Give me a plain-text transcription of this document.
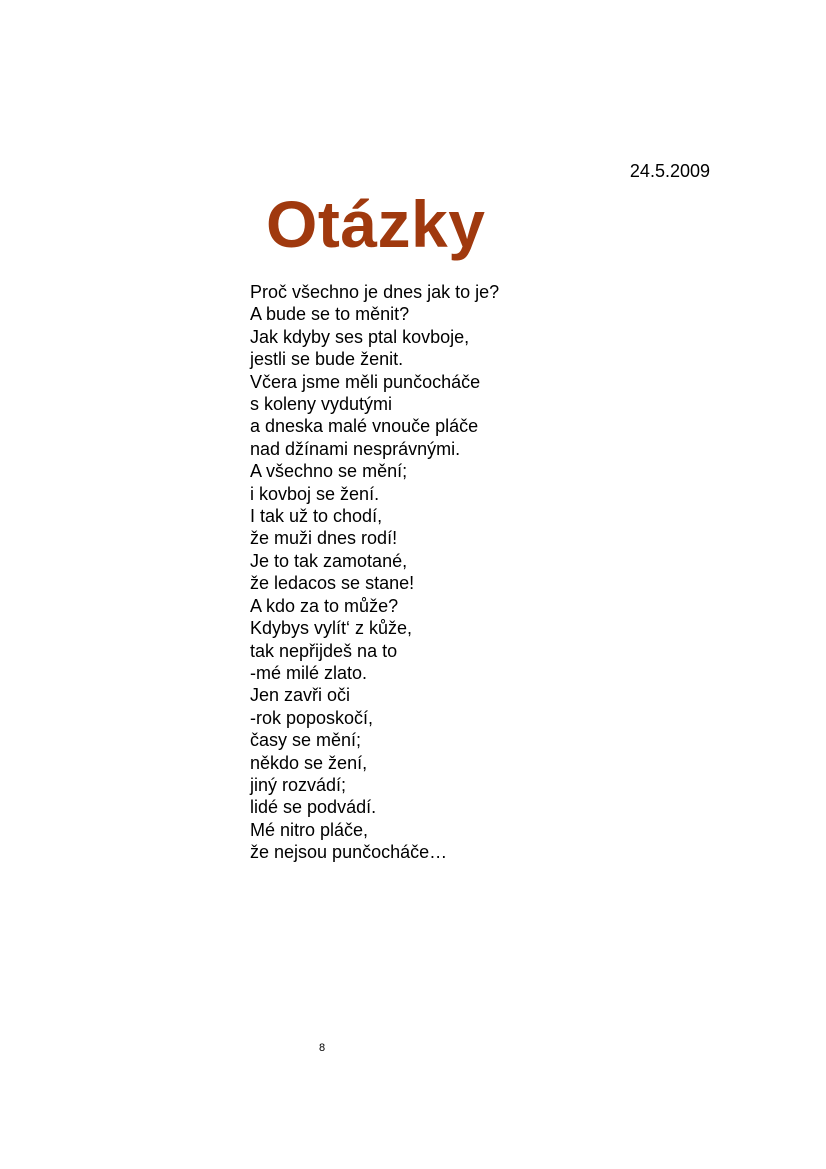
24.5.2009
Otázky
Proč všechno je dnes jak to je?
A bude se to měnit?
Jak kdyby ses ptal kovboje,
jestli se bude ženit.
Včera jsme měli punčocháče
s koleny vydutými
a dneska malé vnouče pláče
nad džínami nesprávnými.
A všechno se mění;
i kovboj se žení.
I tak už to chodí,
že muži dnes rodí!
Je to tak zamotané,
že ledacos se stane!
A kdo za to může?
Kdybys vylít‘ z kůže,
tak nepřijdeš na to
-mé milé zlato.
Jen zavři oči
-rok poposkočí,
časy se mění;
někdo se žení,
jiný rozvádí;
lidé se podvádí.
Mé nitro pláče,
že nejsou punčocháče…
8
